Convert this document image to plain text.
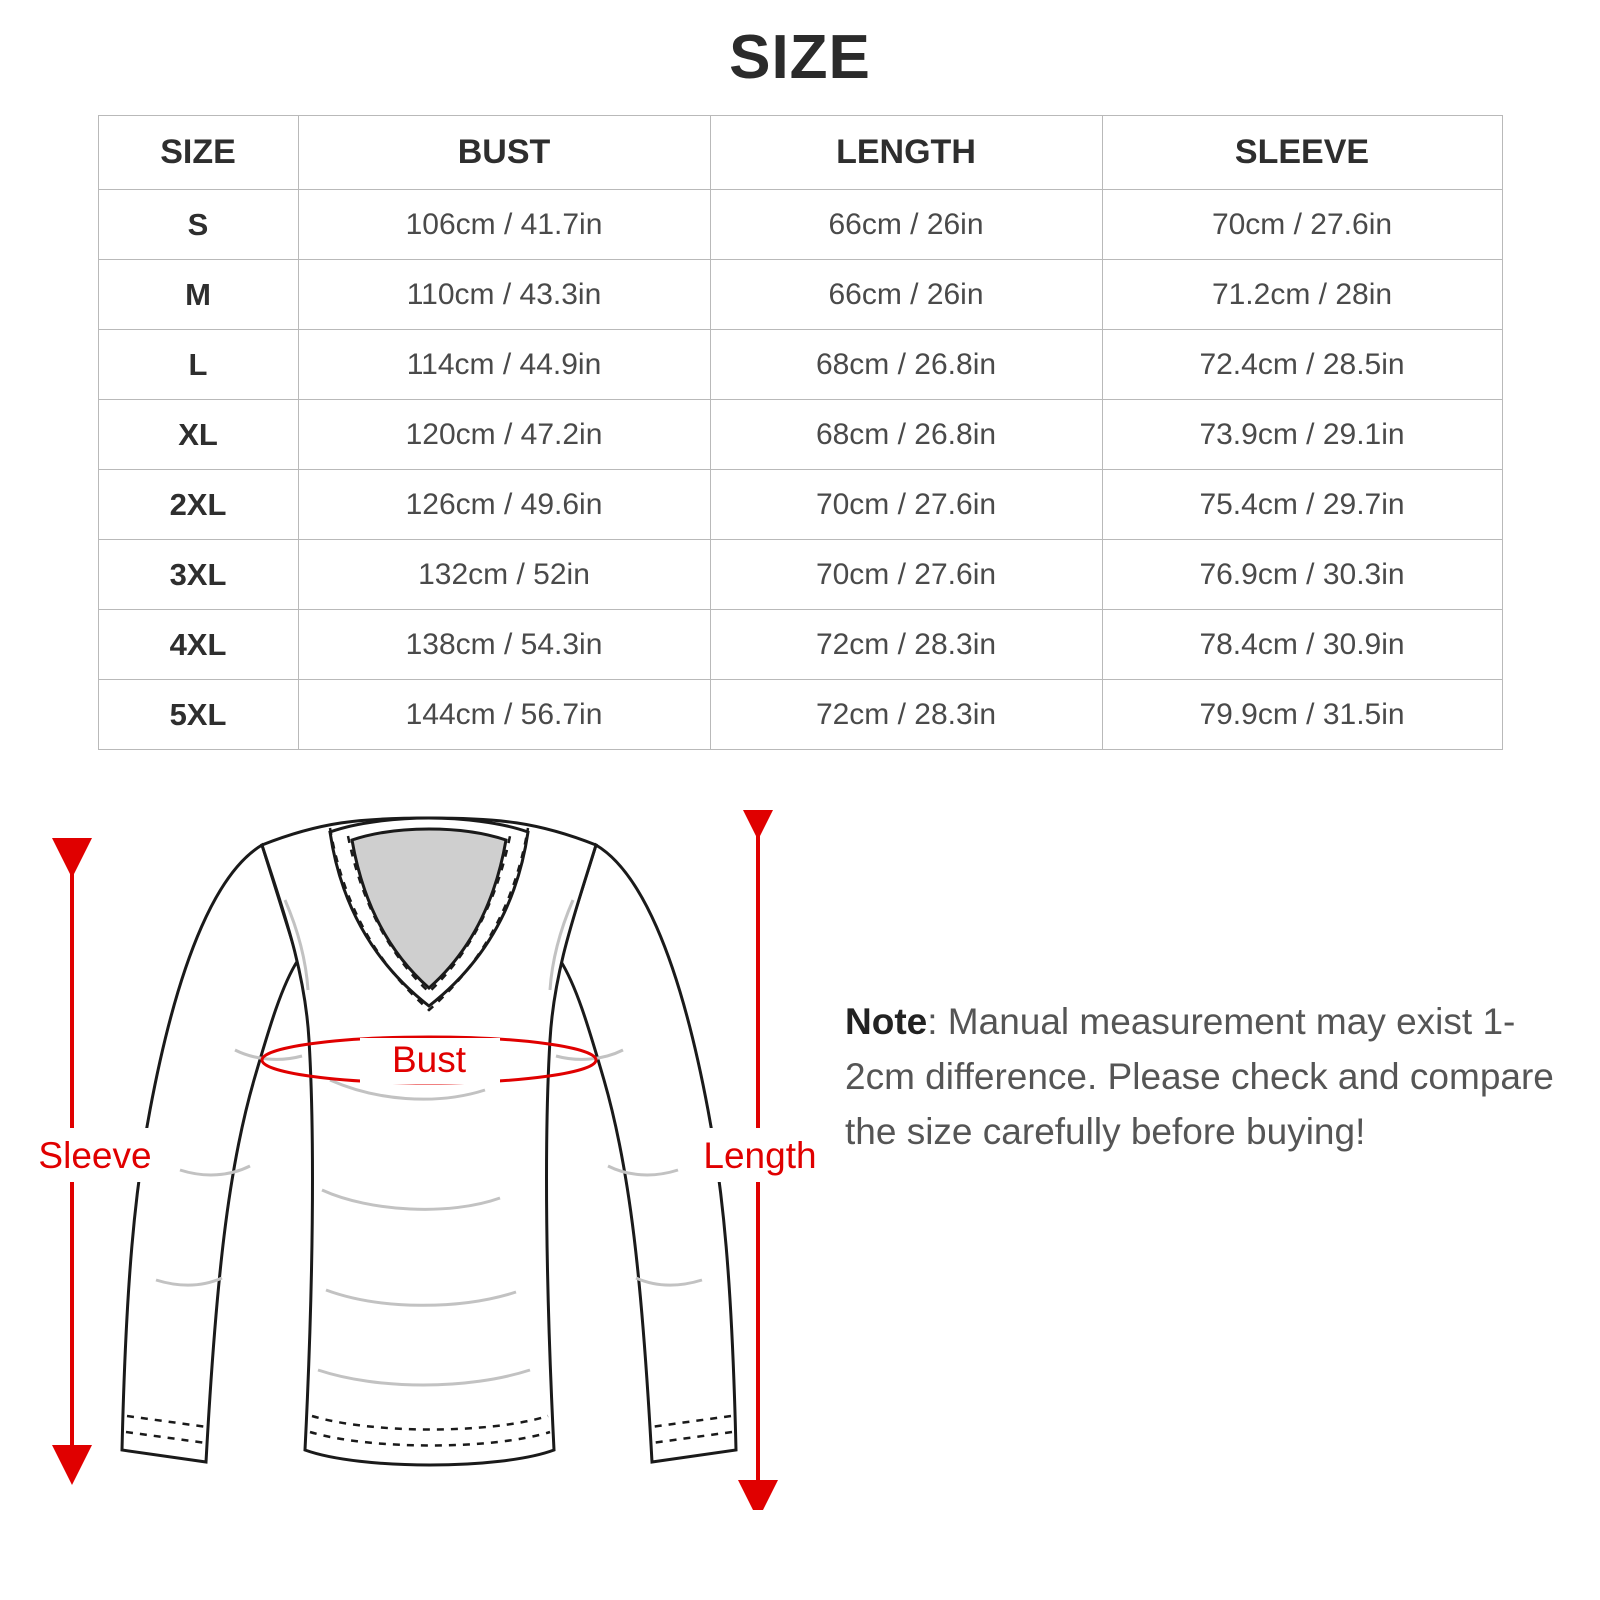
SIZE
SIZE	BUST	LENGTH	SLEEVE
S	106cm / 41.7in	66cm / 26in	70cm / 27.6in
M	110cm / 43.3in	66cm / 26in	71.2cm / 28in
L	114cm / 44.9in	68cm / 26.8in	72.4cm / 28.5in
XL	120cm / 47.2in	68cm / 26.8in	73.9cm / 29.1in
2XL	126cm / 49.6in	70cm / 27.6in	75.4cm / 29.7in
3XL	132cm / 52in	70cm / 27.6in	76.9cm / 30.3in
4XL	138cm / 54.3in	72cm / 28.3in	78.4cm / 30.9in
5XL	144cm / 56.7in	72cm / 28.3in	79.9cm / 31.5in
Bust
Sleeve	Length
Note: Manual measurement may exist 1-2cm difference. Please check and compare the size carefully before buying!
